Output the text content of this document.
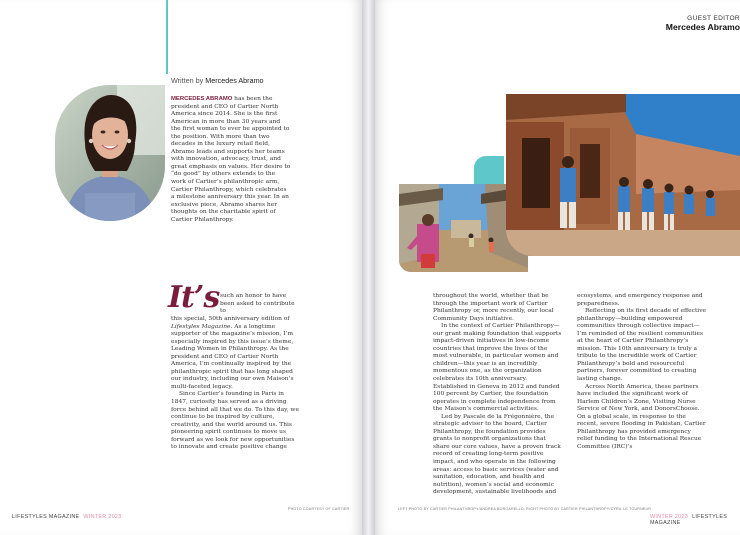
Written by Mercedes Abramo
MERCEDES ABRAMO has been the president and CEO of Cartier North America since 2014. She is the first American in more than 30 years and the first woman to ever be appointed to the position. With more than two decades in the luxury retail field, Abramo leads and supports her teams with innovation, advocacy, trust, and great emphasis on values. Her desire to “do good” by others extends to the work of Cartier’s philanthropic arm, Cartier Philanthropy, which celebrates a milestone anniversary this year. In an exclusive piece, Abramo shares her thoughts on the charitable spirit of Cartier Philanthropy.
It’s such an honor to have been asked to contribute to

this special, 50th anniversary edition of Lifestyles Magazine. As a longtime supporter of the magazine’s mission, I’m especially inspired by this issue’s theme, Leading Women in Philanthropy. As the president and CEO of Cartier North America, I’m continually inspired by the philanthropic spirit that has long shaped our industry, including our own Maison’s multi-faceted legacy.

Since Cartier’s founding in Paris in 1847, curiosity has served as a driving force behind all that we do. To this day, we continue to be inspired by culture, creativity, and the world around us. This pioneering spirit continues to move us forward as we look for new opportunities to innovate and create positive change

LIFESTYLES MAGAZINE WINTER 2023
PHOTO COURTESY OF CARTIER
GUEST EDITOR
Mercedes Abramo

throughout the world, whether that be through the important work of Cartier Philanthropy or, more recently, our local Community Days initiative.

In the context of Cartier Philanthropy—our grant making foundation that supports impact-driven initiatives in low-income countries that improve the lives of the most vulnerable, in particular women and children—this year is an incredibly momentous one, as the organization celebrates its 10th anniversary. Established in Geneva in 2012 and funded 100 percent by Cartier, the foundation operates in complete independence from the Maison’s commercial activities.

Led by Pascale de la Frégonnière, the strategic adviser to the board, Cartier Philanthropy, the foundation provides grants to nonprofit organizations that share our core values, have a proven track record of creating long-term positive impact, and who operate in the following areas: access to basic services (water and sanitation, education, and health and nutrition), women’s social and economic development, sustainable livelihoods and

ecosystems, and emergency response and preparedness.

Reflecting on its first decade of effective philanthropy—building empowered communities through collective impact—I’m reminded of the resilient communities at the heart of Cartier Philanthropy’s mission. This 10th anniversary is truly a tribute to the incredible work of Cartier Philanthropy’s bold and resourceful partners, forever committed to creating lasting change.

Across North America, these partners have included the significant work of Harlem Children’s Zone, Visiting Nurse Service of New York, and DonorsChoose. On a global scale, in response to the recent, severe flooding in Pakistan, Cartier Philanthropy has provided emergency relief funding to the International Rescue Committee (IRC)’s

LEFT PHOTO BY CARTIER PHILANTHROPY/ANDREA BORGARELLO; RIGHT PHOTO BY CARTIER PHILANTHROPY/CYRIL LE TOURNEUR
WINTER 2023 LIFESTYLES MAGAZINE
